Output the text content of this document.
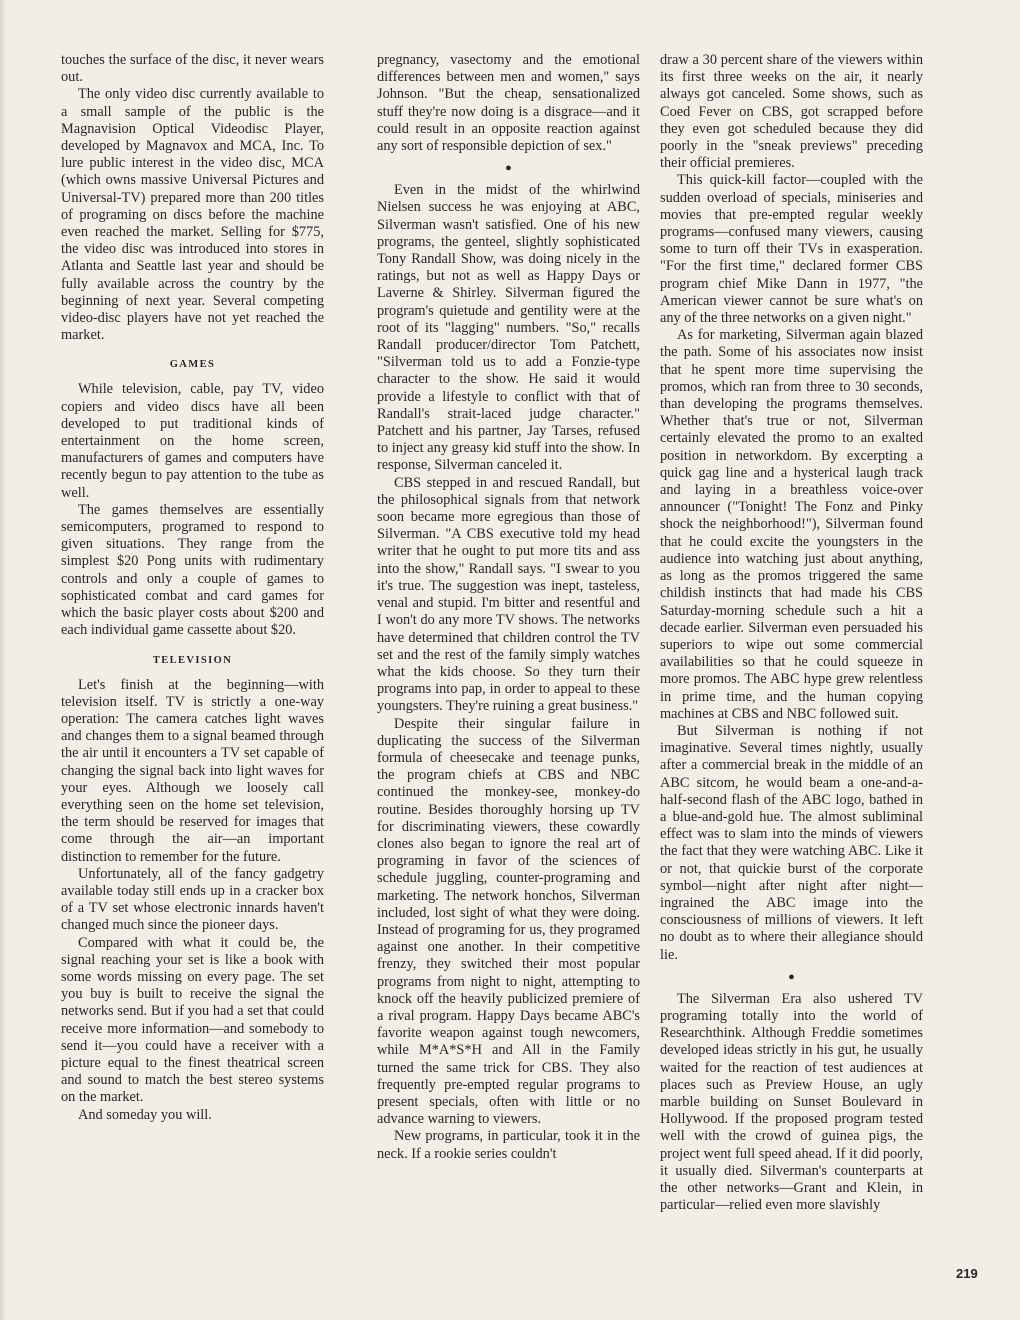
touches the surface of the disc, it never wears out.

The only video disc currently available to a small sample of the public is the Magnavision Optical Videodisc Player, developed by Magnavox and MCA, Inc. To lure public interest in the video disc, MCA (which owns massive Universal Pictures and Universal-TV) prepared more than 200 titles of programing on discs before the machine even reached the market. Selling for $775, the video disc was introduced into stores in Atlanta and Seattle last year and should be fully available across the country by the beginning of next year. Several competing video-disc players have not yet reached the market.

GAMES

While television, cable, pay TV, video copiers and video discs have all been developed to put traditional kinds of entertainment on the home screen, manufacturers of games and computers have recently begun to pay attention to the tube as well.

The games themselves are essentially semicomputers, programed to respond to given situations. They range from the simplest $20 Pong units with rudimentary controls and only a couple of games to sophisticated combat and card games for which the basic player costs about $200 and each individual game cassette about $20.

TELEVISION

Let's finish at the beginning—with television itself. TV is strictly a one-way operation: The camera catches light waves and changes them to a signal beamed through the air until it encounters a TV set capable of changing the signal back into light waves for your eyes. Although we loosely call everything seen on the home set television, the term should be reserved for images that come through the air—an important distinction to remember for the future.

Unfortunately, all of the fancy gadgetry available today still ends up in a cracker box of a TV set whose electronic innards haven't changed much since the pioneer days.

Compared with what it could be, the signal reaching your set is like a book with some words missing on every page. The set you buy is built to receive the signal the networks send. But if you had a set that could receive more information—and somebody to send it—you could have a receiver with a picture equal to the finest theatrical screen and sound to match the best stereo systems on the market.

And someday you will.

pregnancy, vasectomy and the emotional differences between men and women," says Johnson. "But the cheap, sensationalized stuff they're now doing is a disgrace—and it could result in an opposite reaction against any sort of responsible depiction of sex."

●

Even in the midst of the whirlwind Nielsen success he was enjoying at ABC, Silverman wasn't satisfied. One of his new programs, the genteel, slightly sophisticated Tony Randall Show, was doing nicely in the ratings, but not as well as Happy Days or Laverne & Shirley. Silverman figured the program's quietude and gentility were at the root of its "lagging" numbers. "So," recalls Randall producer/director Tom Patchett, "Silverman told us to add a Fonzie-type character to the show. He said it would provide a lifestyle to conflict with that of Randall's strait-laced judge character." Patchett and his partner, Jay Tarses, refused to inject any greasy kid stuff into the show. In response, Silverman canceled it.

CBS stepped in and rescued Randall, but the philosophical signals from that network soon became more egregious than those of Silverman. "A CBS executive told my head writer that he ought to put more tits and ass into the show," Randall says. "I swear to you it's true. The suggestion was inept, tasteless, venal and stupid. I'm bitter and resentful and I won't do any more TV shows. The networks have determined that children control the TV set and the rest of the family simply watches what the kids choose. So they turn their programs into pap, in order to appeal to these youngsters. They're ruining a great business."

Despite their singular failure in duplicating the success of the Silverman formula of cheesecake and teenage punks, the program chiefs at CBS and NBC continued the monkey-see, monkey-do routine. Besides thoroughly horsing up TV for discriminating viewers, these cowardly clones also began to ignore the real art of programing in favor of the sciences of schedule juggling, counter-programing and marketing. The network honchos, Silverman included, lost sight of what they were doing. Instead of programing for us, they programed against one another. In their competitive frenzy, they switched their most popular programs from night to night, attempting to knock off the heavily publicized premiere of a rival program. Happy Days became ABC's favorite weapon against tough newcomers, while M*A*S*H and All in the Family turned the same trick for CBS. They also frequently pre-empted regular programs to present specials, often with little or no advance warning to viewers.

New programs, in particular, took it in the neck. If a rookie series couldn't

draw a 30 percent share of the viewers within its first three weeks on the air, it nearly always got canceled. Some shows, such as Coed Fever on CBS, got scrapped before they even got scheduled because they did poorly in the "sneak previews" preceding their official premieres.

This quick-kill factor—coupled with the sudden overload of specials, miniseries and movies that pre-empted regular weekly programs—confused many viewers, causing some to turn off their TVs in exasperation. "For the first time," declared former CBS program chief Mike Dann in 1977, "the American viewer cannot be sure what's on any of the three networks on a given night."

As for marketing, Silverman again blazed the path. Some of his associates now insist that he spent more time supervising the promos, which ran from three to 30 seconds, than developing the programs themselves. Whether that's true or not, Silverman certainly elevated the promo to an exalted position in networkdom. By excerpting a quick gag line and a hysterical laugh track and laying in a breathless voice-over announcer ("Tonight! The Fonz and Pinky shock the neighborhood!"), Silverman found that he could excite the youngsters in the audience into watching just about anything, as long as the promos triggered the same childish instincts that had made his CBS Saturday-morning schedule such a hit a decade earlier. Silverman even persuaded his superiors to wipe out some commercial availabilities so that he could squeeze in more promos. The ABC hype grew relentless in prime time, and the human copying machines at CBS and NBC followed suit.

But Silverman is nothing if not imaginative. Several times nightly, usually after a commercial break in the middle of an ABC sitcom, he would beam a one-and-a-half-second flash of the ABC logo, bathed in a blue-and-gold hue. The almost subliminal effect was to slam into the minds of viewers the fact that they were watching ABC. Like it or not, that quickie burst of the corporate symbol—night after night after night—ingrained the ABC image into the consciousness of millions of viewers. It left no doubt as to where their allegiance should lie.

●

The Silverman Era also ushered TV programing totally into the world of Researchthink. Although Freddie sometimes developed ideas strictly in his gut, he usually waited for the reaction of test audiences at places such as Preview House, an ugly marble building on Sunset Boulevard in Hollywood. If the proposed program tested well with the crowd of guinea pigs, the project went full speed ahead. If it did poorly, it usually died. Silverman's counterparts at the other networks—Grant and Klein, in particular—relied even more slavishly

219
